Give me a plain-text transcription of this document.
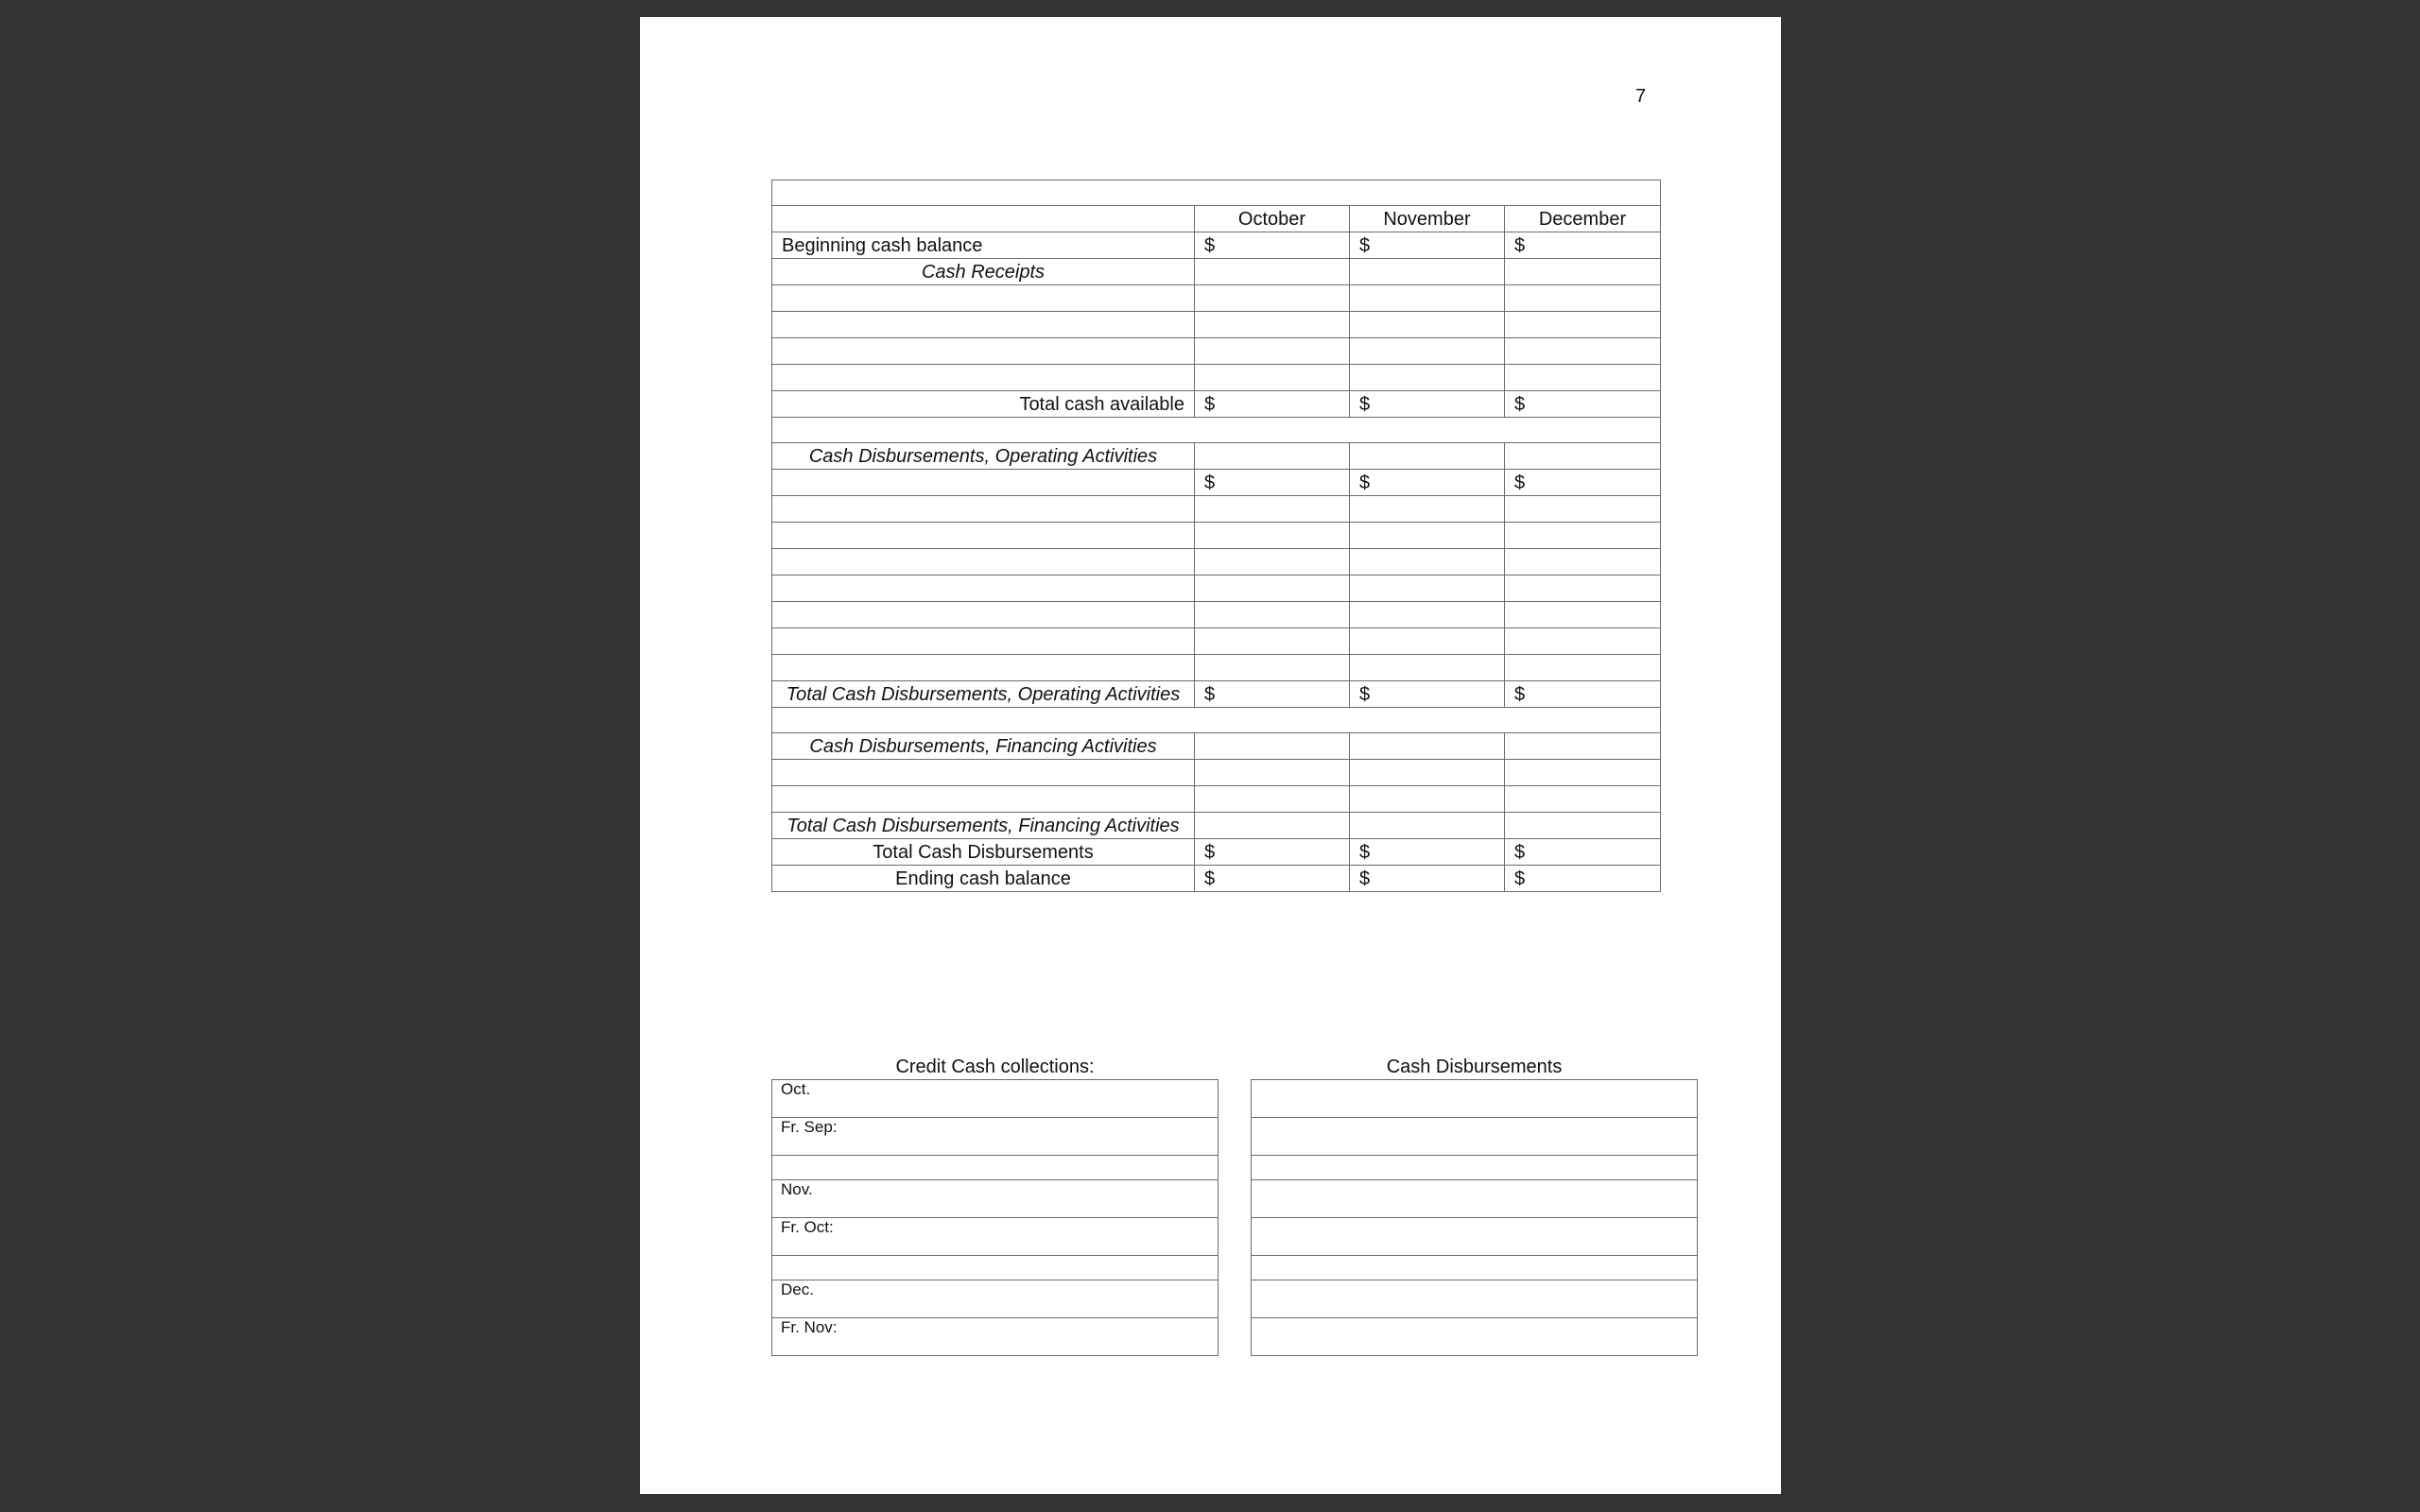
7

	October	November	December
Beginning cash balance	$	$	$
Cash Receipts			

Total cash available	$	$	$

Cash Disbursements, Operating Activities			
	$	$	$

Total Cash Disbursements, Operating Activities	$	$	$

Cash Disbursements, Financing Activities			

Total Cash Disbursements, Financing Activities			
Total Cash Disbursements	$	$	$
Ending cash balance	$	$	$
Credit Cash collections:
Oct.
Fr. Sep:

Nov.
Fr. Oct:

Dec.
Fr. Nov:
Cash Disbursements
